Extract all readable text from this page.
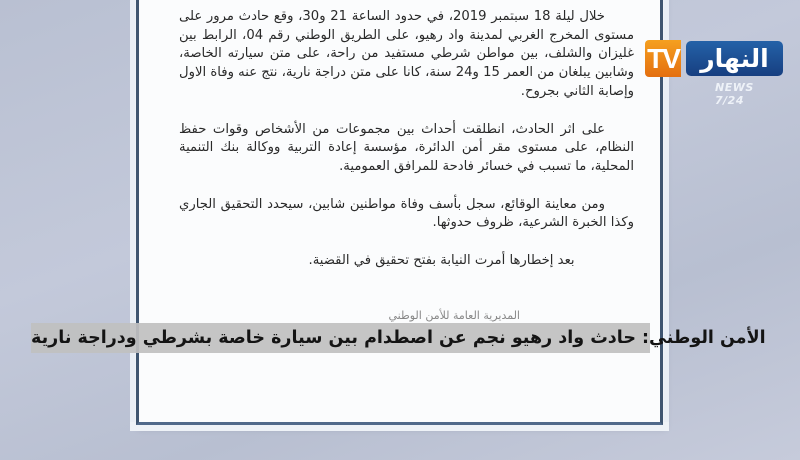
خلال ليلة 18 سبتمبر 2019، في حدود الساعة 21 و30، وقع حادث مرور على مستوى المخرج الغربي لمدينة واد رهيو، على الطريق الوطني رقم 04، الرابط بين غليزان والشلف، بين مواطن شرطي مستفيد من راحة، على متن سيارته الخاصة، وشابين يبلغان من العمر 15 و24 سنة، كانا على متن دراجة نارية، نتج عنه وفاة الاول وإصابة الثاني بجروح.

على اثر الحادث، انطلقت أحداث بين مجموعات من الأشخاص وقوات حفظ النظام، على مستوى مقر أمن الدائرة، مؤسسة إعادة التربية ووكالة بنك التنمية المحلية، ما تسبب في خسائر فادحة للمرافق العمومية.

ومن معاينة الوقائع، سجل بأسف وفاة مواطنين شابين، سيحدد التحقيق الجاري وكذا الخبرة الشرعية، ظروف حدوثها.

بعد إخطارها أمرت النيابة بفتح تحقيق في القضية.

المديرية العامة للأمن الوطني
الأمن الوطني: حادث واد رهيو نجم عن اصطدام بين سيارة خاصة بشرطي ودراجة نارية
TV النهار
NEWS 7/24
